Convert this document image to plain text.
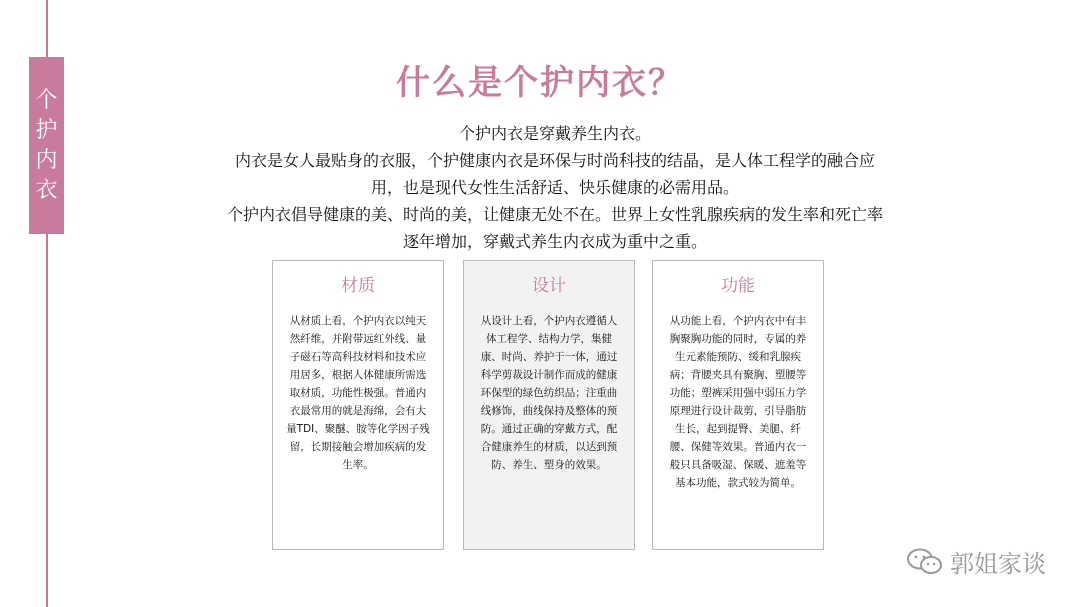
个
护
内
衣
什么是个护内衣？

个护内衣是穿戴养生内衣。

内衣是女人最贴身的衣服，个护健康内衣是环保与时尚科技的结晶，是人体工程学的融合应用，也是现代女性生活舒适、快乐健康的必需用品。

个护内衣倡导健康的美、时尚的美，让健康无处不在。世界上女性乳腺疾病的发生率和死亡率逐年增加，穿戴式养生内衣成为重中之重。

材质
从材质上看，个护内衣以纯天然纤维，并附带远红外线、量子磁石等高科技材料和技术应用居多，根据人体健康所需选取材质，功能性极强。普通内衣最常用的就是海绵，会有大量TDI、聚醚、胺等化学因子残留，长期接触会增加疾病的发生率。
设计
从设计上看，个护内衣遵循人体工程学、结构力学，集健康、时尚、养护于一体，通过科学剪裁设计制作而成的健康环保型的绿色纺织品；注重曲线修饰，曲线保持及整体的预防。通过正确的穿戴方式，配合健康养生的材质，以达到预防、养生、塑身的效果。
功能
从功能上看，个护内衣中有丰胸聚胸功能的同时，专属的养生元素能预防、缓和乳腺疾病；背腰夹具有聚胸、塑腰等功能；塑裤采用强中弱压力学原理进行设计裁剪，引导脂肪生长，起到提臀、美腿、纤腰、保健等效果。普通内衣一般只具备吸湿、保暖、遮羞等基本功能，款式较为简单。
郭姐家谈
